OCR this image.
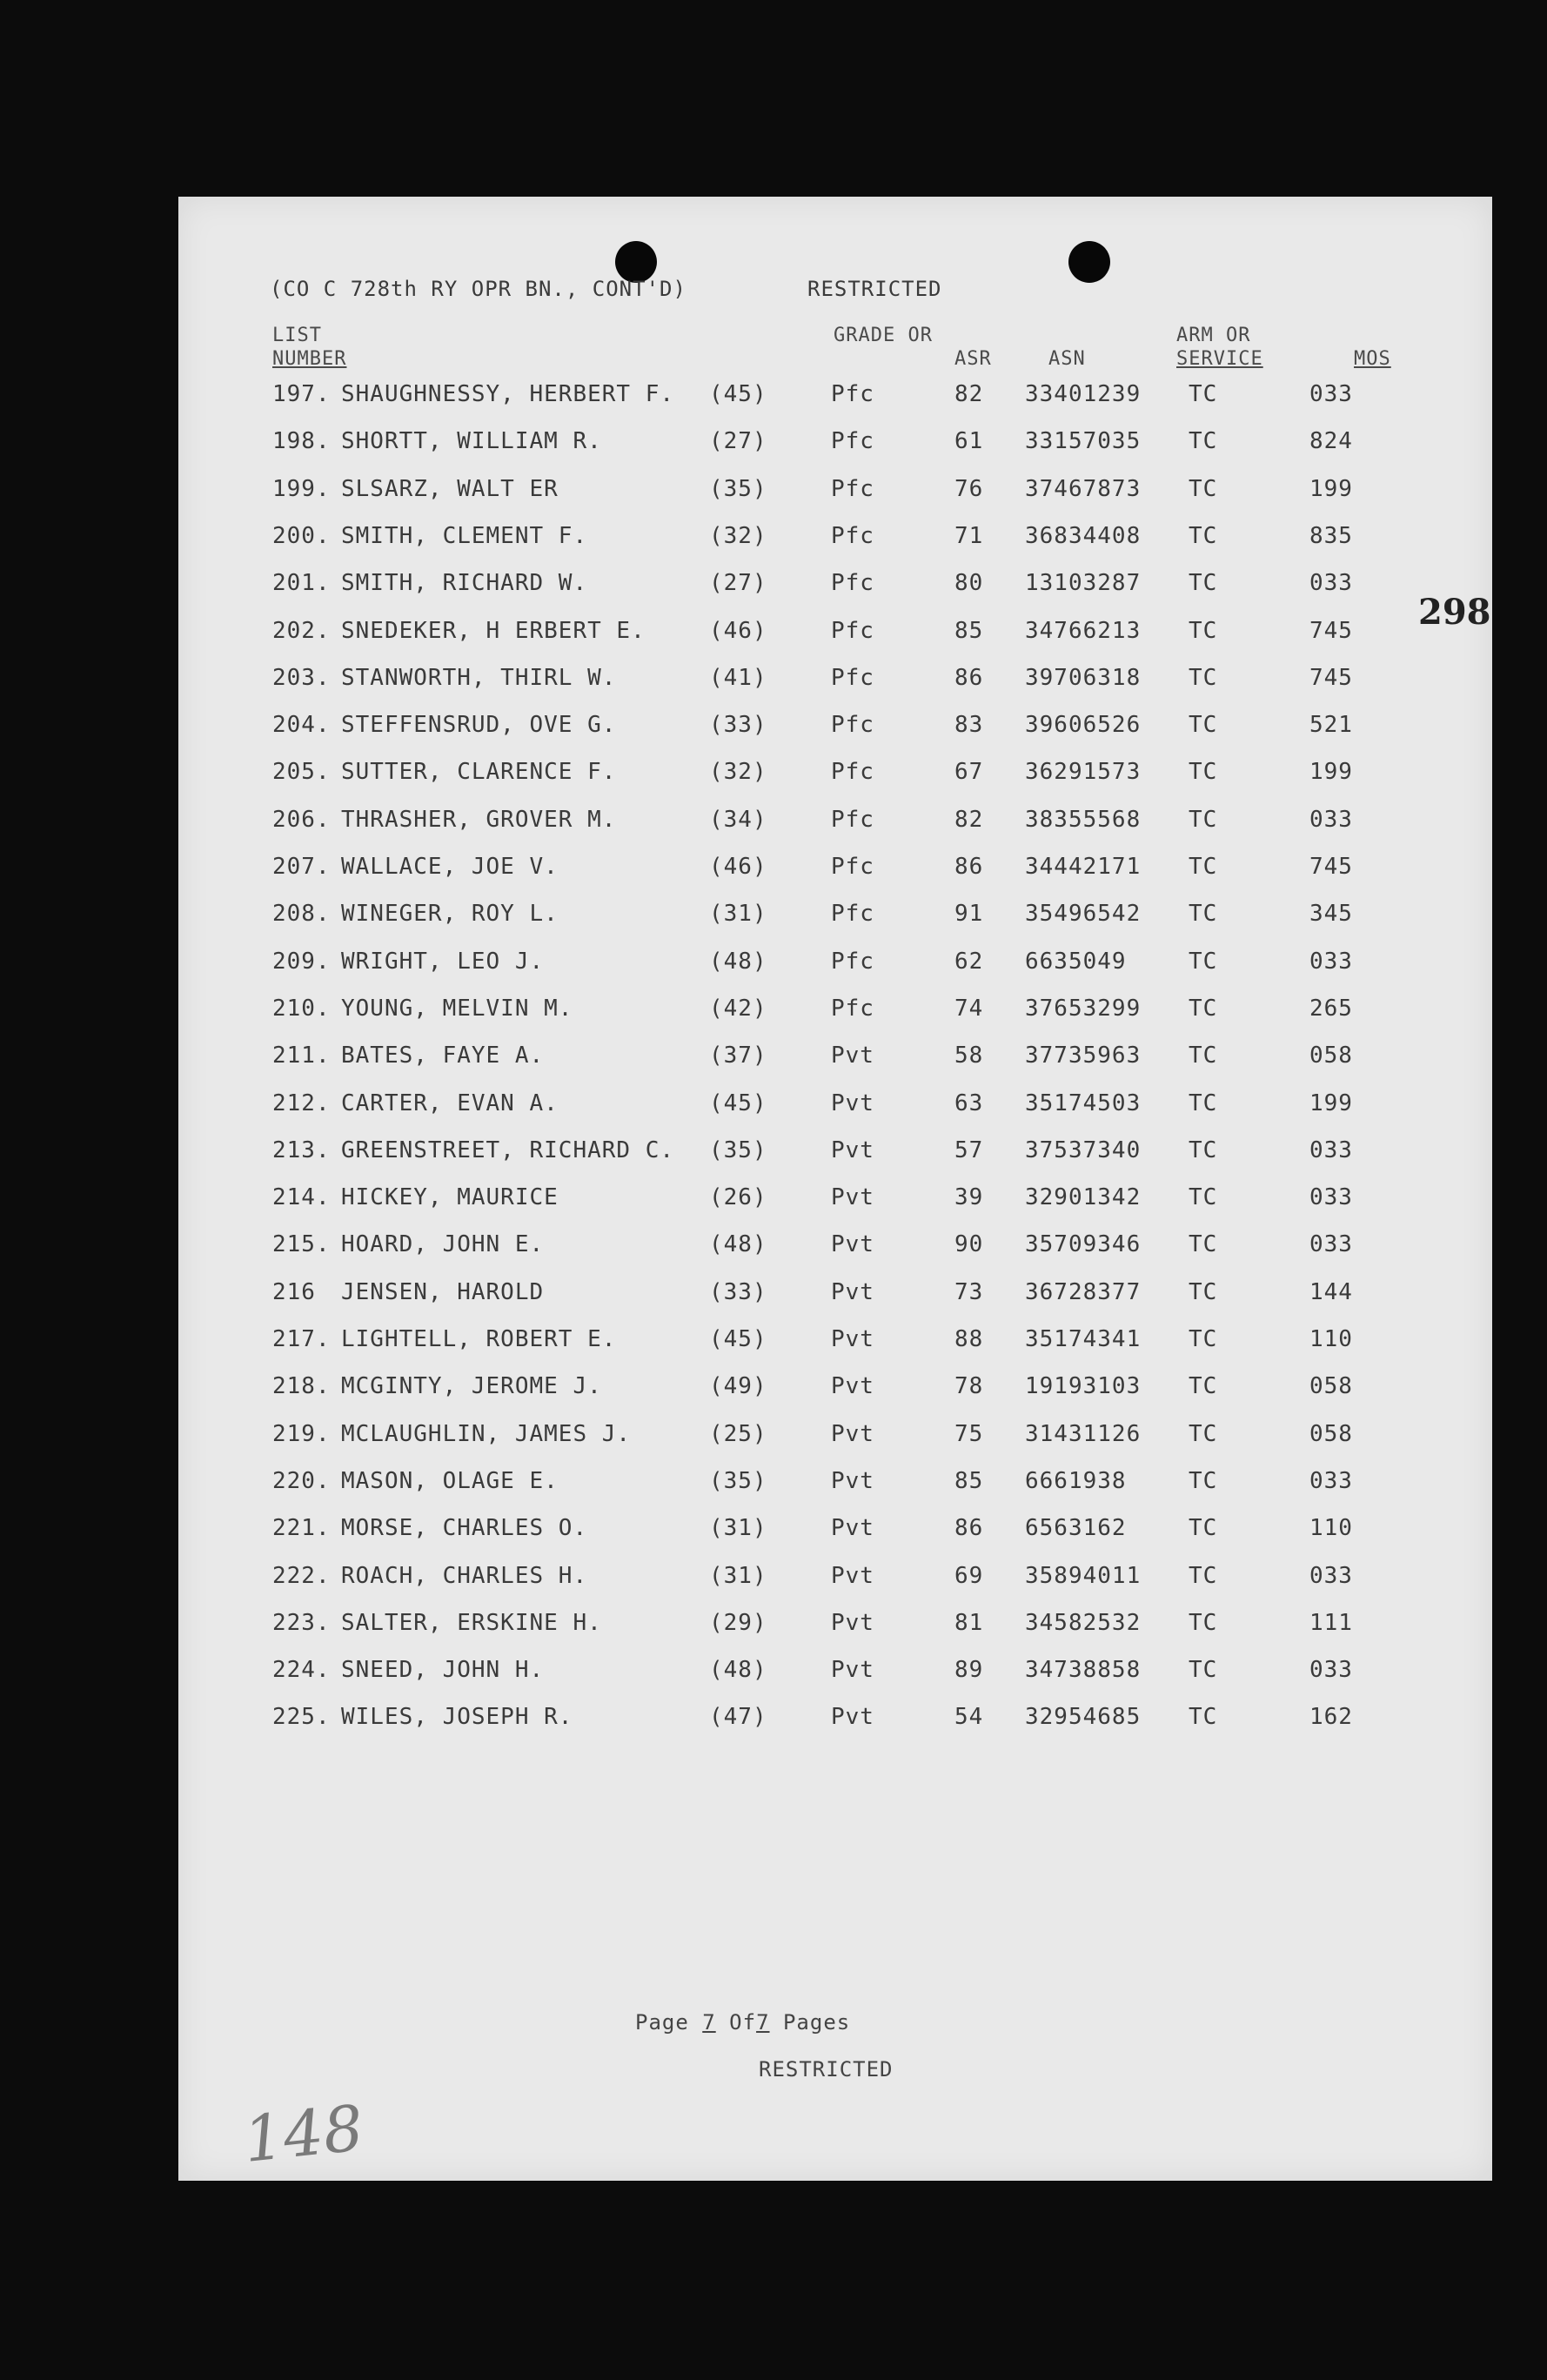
(CO C 728th RY OPR BN., CONT'D)	RESTRICTED
LIST
NUMBER
GRADE OR
ASR	ASN
ARM OR
SERVICE	MOS
197. SHAUGHNESSY, HERBERT F. (45)	Pfc	82 33401239 TC	033
198. SHORTT, WILLIAM R.	(27)	Pfc	61 33157035 TC	824
199. SLSARZ, WALT ER	(35)	Pfc	76 37467873 TC	199
200. SMITH, CLEMENT F.	(32)	Pfc	71 36834408 TC	835
201. SMITH, RICHARD W.	(27)	Pfc	80 13103287 TC	033
202. SNEDEKER, H ERBERT E.	(46)	Pfc	85 34766213 TC	745
203. STANWORTH, THIRL W.	(41)	Pfc	86 39706318 TC	745
204. STEFFENSRUD, OVE G.	(33)	Pfc	83 39606526 TC	521
205. SUTTER, CLARENCE F.	(32)	Pfc	67 36291573 TC	199
206. THRASHER, GROVER M.	(34)	Pfc	82 38355568 TC	033
207. WALLACE, JOE V.	(46)	Pfc	86 34442171 TC	745
208. WINEGER, ROY L.	(31)	Pfc	91 35496542 TC	345
209. WRIGHT, LEO J.	(48)	Pfc	62 6635049	TC	033
210. YOUNG, MELVIN M.	(42)	Pfc	74 37653299 TC	265
211. BATES, FAYE A.	(37)	Pvt	58 37735963 TC	058
212. CARTER, EVAN A.	(45)	Pvt	63 35174503 TC	199
213. GREENSTREET, RICHARD C. (35)	Pvt	57 37537340 TC	033
214. HICKEY, MAURICE	(26)	Pvt	39 32901342 TC	033
215. HOARD, JOHN E.	(48)	Pvt	90 35709346 TC	033
216 JENSEN, HAROLD	(33)	Pvt	73 36728377 TC	144
217. LIGHTELL, ROBERT E.	(45)	Pvt	88 35174341 TC	110
218. MCGINTY, JEROME J.	(49)	Pvt	78 19193103 TC	058
219. MCLAUGHLIN, JAMES J.	(25)	Pvt	75 31431126 TC	058
220. MASON, OLAGE E.	(35)	Pvt	85 6661938	TC	033
221. MORSE, CHARLES O.	(31)	Pvt	86 6563162	TC	110
222. ROACH, CHARLES H.	(31)	Pvt	69 35894011 TC	033
223. SALTER, ERSKINE H.	(29)	Pvt	81 34582532 TC	111
224. SNEED, JOHN H.	(48)	Pvt	89 34738858 TC	033
225. WILES, JOSEPH R.	(47)	Pvt	54 32954685 TC	162
298
Page 7 Of7 Pages
RESTRICTED
148
